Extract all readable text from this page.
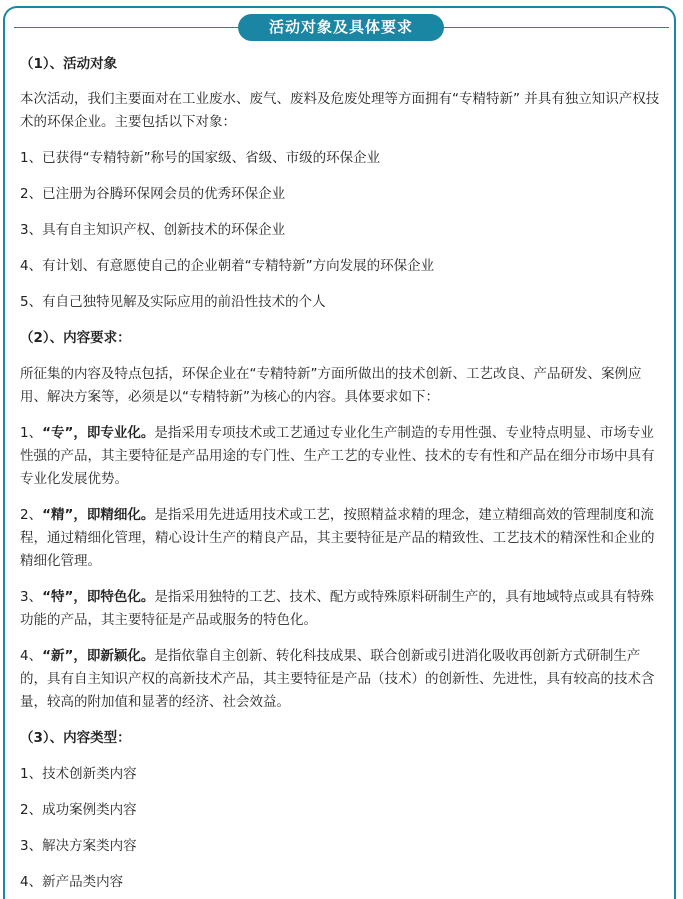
活动对象及具体要求

（1）、活动对象

本次活动，我们主要面对在工业废水、废气、废料及危废处理等方面拥有“专精特新” 并具有独立知识产权技术的环保企业。主要包括以下对象：

1、已获得“专精特新”称号的国家级、省级、市级的环保企业

2、已注册为谷腾环保网会员的优秀环保企业

3、具有自主知识产权、创新技术的环保企业

4、有计划、有意愿使自己的企业朝着“专精特新”方向发展的环保企业

5、有自己独特见解及实际应用的前沿性技术的个人

（2）、内容要求：

所征集的内容及特点包括，环保企业在“专精特新”方面所做出的技术创新、工艺改良、产品研发、案例应用、解决方案等，必须是以“专精特新”为核心的内容。具体要求如下：

1、“专”，即专业化。是指采用专项技术或工艺通过专业化生产制造的专用性强、专业特点明显、市场专业性强的产品，其主要特征是产品用途的专门性、生产工艺的专业性、技术的专有性和产品在细分市场中具有专业化发展优势。

2、“精”，即精细化。是指采用先进适用技术或工艺，按照精益求精的理念，建立精细高效的管理制度和流程，通过精细化管理，精心设计生产的精良产品，其主要特征是产品的精致性、工艺技术的精深性和企业的精细化管理。

3、“特”，即特色化。是指采用独特的工艺、技术、配方或特殊原料研制生产的，具有地域特点或具有特殊功能的产品，其主要特征是产品或服务的特色化。

4、“新”，即新颖化。是指依靠自主创新、转化科技成果、联合创新或引进消化吸收再创新方式研制生产的，具有自主知识产权的高新技术产品，其主要特征是产品（技术）的创新性、先进性，具有较高的技术含量，较高的附加值和显著的经济、社会效益。

（3）、内容类型：

1、技术创新类内容

2、成功案例类内容

3、解决方案类内容

4、新产品类内容
